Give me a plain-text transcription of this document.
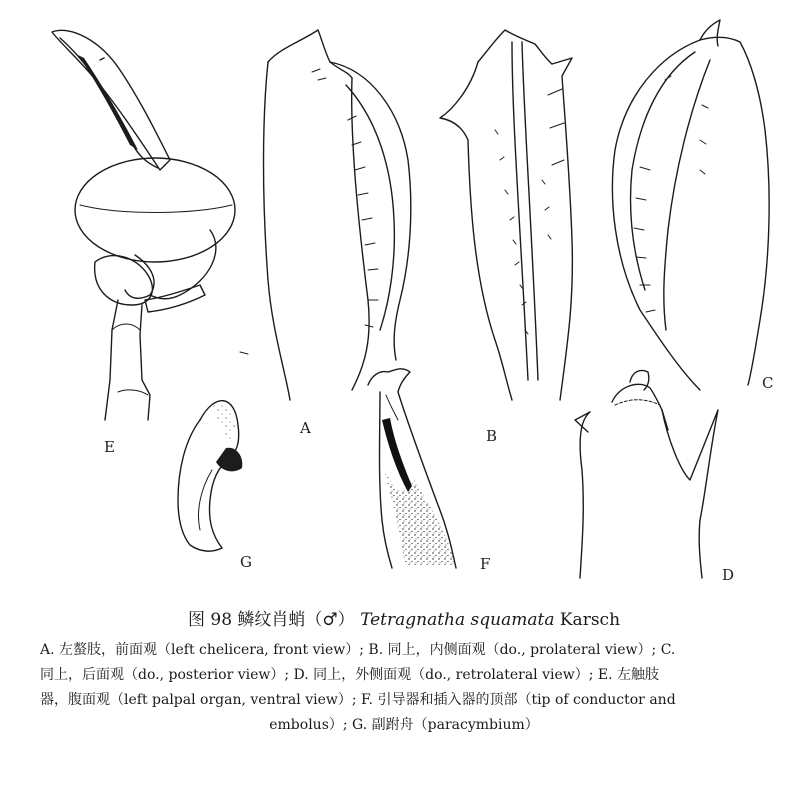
E
A	B
C
G	F
D

图 98 鳞纹肖蛸（♂） Tetragnatha squamata Karsch

A. 左螯肢，前面观（left chelicera, front view）; B. 同上，内侧面观（do., prolateral view）; C.

同上，后面观（do., posterior view）; D. 同上，外侧面观（do., retrolateral view）; E. 左触肢

器，腹面观（left palpal organ, ventral view）; F. 引导器和插入器的顶部（tip of conductor and

embolus）; G. 副跗舟（paracymbium）
